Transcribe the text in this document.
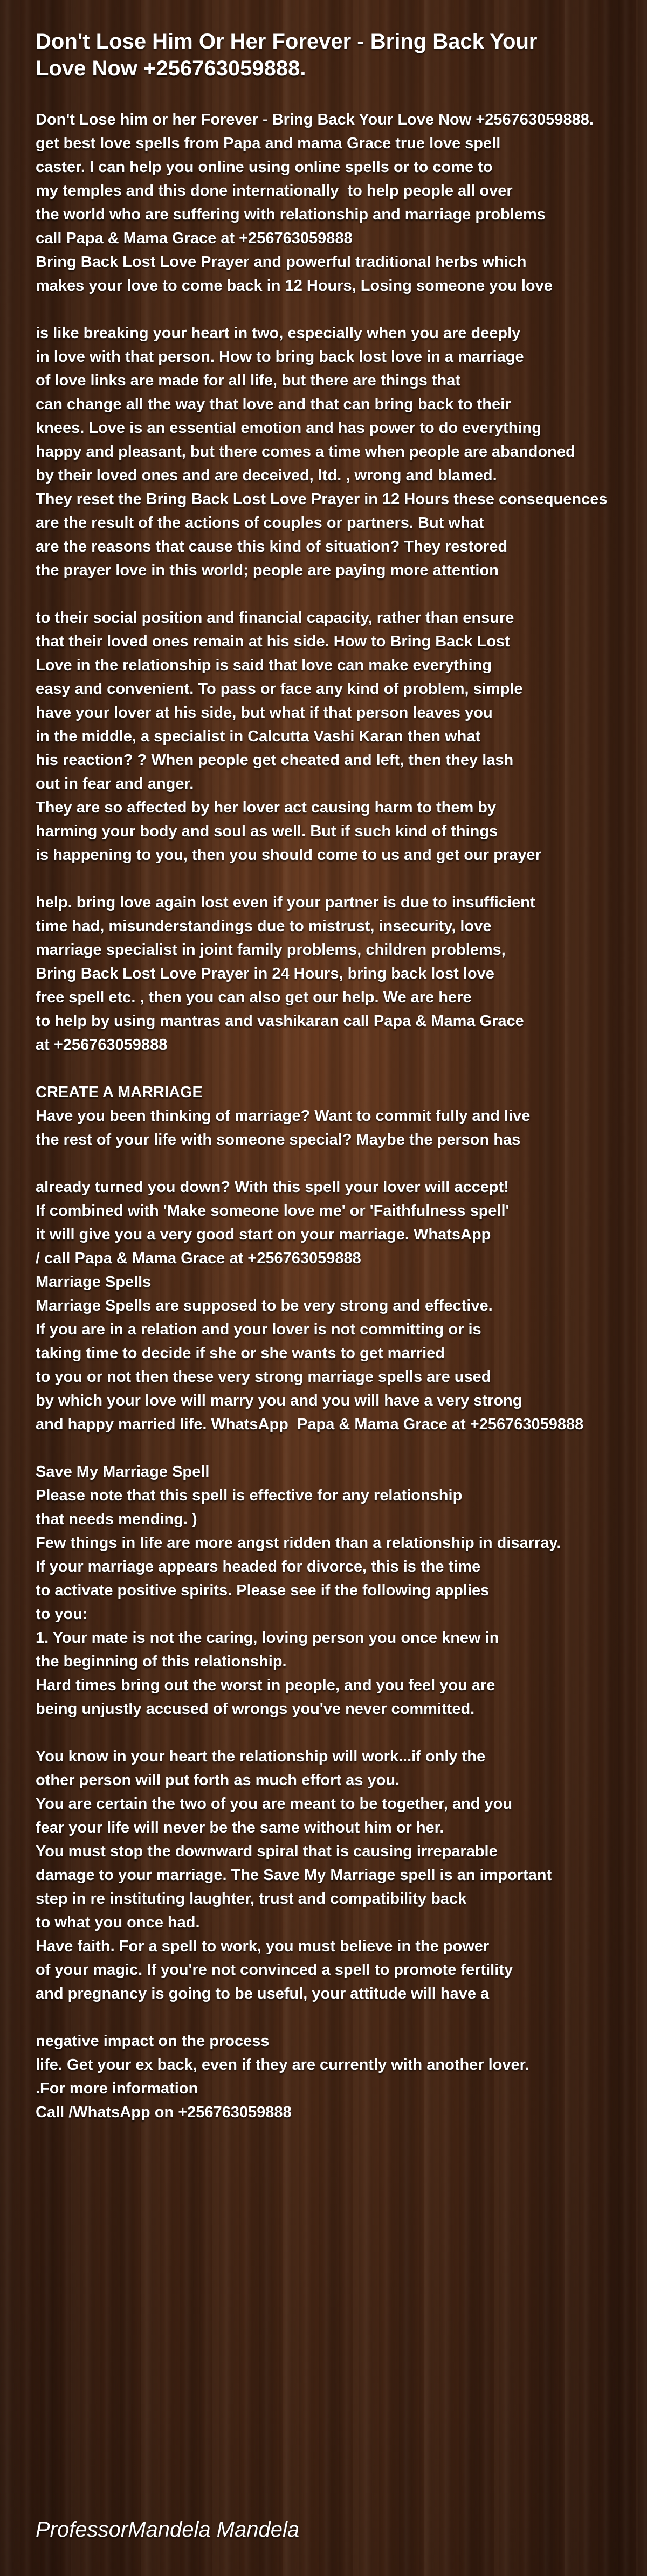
Don't Lose Him Or Her Forever - Bring Back Your Love Now +256763059888.
Don't Lose him or her Forever - Bring Back Your Love Now +256763059888.
get best love spells from Papa and mama Grace true love spell
caster. I can help you online using online spells or to come to
my temples and this done internationally  to help people all over
the world who are suffering with relationship and marriage problems
call Papa & Mama Grace at +256763059888
Bring Back Lost Love Prayer and powerful traditional herbs which
makes your love to come back in 12 Hours, Losing someone you love

is like breaking your heart in two, especially when you are deeply
in love with that person. How to bring back lost love in a marriage
of love links are made for all life, but there are things that
can change all the way that love and that can bring back to their
knees. Love is an essential emotion and has power to do everything
happy and pleasant, but there comes a time when people are abandoned
by their loved ones and are deceived, ltd. , wrong and blamed.
They reset the Bring Back Lost Love Prayer in 12 Hours these consequences
are the result of the actions of couples or partners. But what
are the reasons that cause this kind of situation? They restored
the prayer love in this world; people are paying more attention

to their social position and financial capacity, rather than ensure
that their loved ones remain at his side. How to Bring Back Lost
Love in the relationship is said that love can make everything
easy and convenient. To pass or face any kind of problem, simple
have your lover at his side, but what if that person leaves you
in the middle, a specialist in Calcutta Vashi Karan then what
his reaction? ? When people get cheated and left, then they lash
out in fear and anger.
They are so affected by her lover act causing harm to them by
harming your body and soul as well. But if such kind of things
is happening to you, then you should come to us and get our prayer

help. bring love again lost even if your partner is due to insufficient
time had, misunderstandings due to mistrust, insecurity, love
marriage specialist in joint family problems, children problems,
Bring Back Lost Love Prayer in 24 Hours, bring back lost love
free spell etc. , then you can also get our help. We are here
to help by using mantras and vashikaran call Papa & Mama Grace
at +256763059888

CREATE A MARRIAGE
Have you been thinking of marriage? Want to commit fully and live
the rest of your life with someone special? Maybe the person has

already turned you down? With this spell your lover will accept!
If combined with 'Make someone love me' or 'Faithfulness spell'
it will give you a very good start on your marriage. WhatsApp
/ call Papa & Mama Grace at +256763059888
Marriage Spells
Marriage Spells are supposed to be very strong and effective.
If you are in a relation and your lover is not committing or is
taking time to decide if she or she wants to get married
to you or not then these very strong marriage spells are used
by which your love will marry you and you will have a very strong
and happy married life. WhatsApp  Papa & Mama Grace at +256763059888

Save My Marriage Spell
Please note that this spell is effective for any relationship
that needs mending. )
Few things in life are more angst ridden than a relationship in disarray.
If your marriage appears headed for divorce, this is the time
to activate positive spirits. Please see if the following applies
to you:
1. Your mate is not the caring, loving person you once knew in
the beginning of this relationship.
Hard times bring out the worst in people, and you feel you are
being unjustly accused of wrongs you've never committed.

You know in your heart the relationship will work...if only the
other person will put forth as much effort as you.
You are certain the two of you are meant to be together, and you
fear your life will never be the same without him or her.
You must stop the downward spiral that is causing irreparable
damage to your marriage. The Save My Marriage spell is an important
step in re instituting laughter, trust and compatibility back
to what you once had.
Have faith. For a spell to work, you must believe in the power
of your magic. If you're not convinced a spell to promote fertility
and pregnancy is going to be useful, your attitude will have a

negative impact on the process
life. Get your ex back, even if they are currently with another lover.
.For more information
Call /WhatsApp on +256763059888
ProfessorMandela Mandela
